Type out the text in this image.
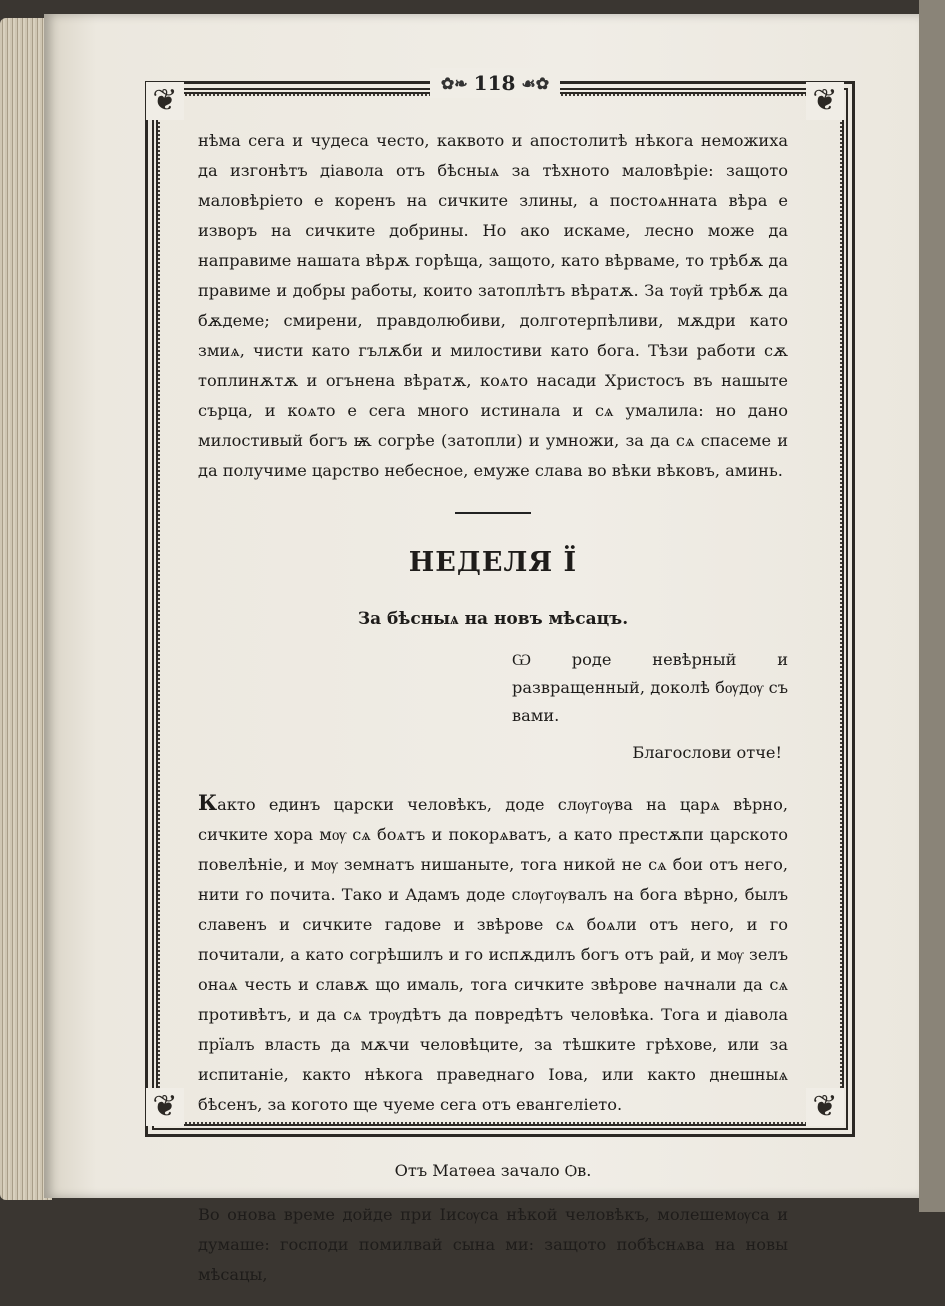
❦	❦
❦	❦
✿❧ 118 ☙✿

нѣма сега и чудеса често, каквото и апостолитѣ нѣкога неможиха да изгонѣтъ діавола отъ бѣсныѧ за тѣхното маловѣріе: защото маловѣріето е коренъ на сичките злины, а постоѧнната вѣра е изворъ на сичките добрины. Но ако искаме, лесно може да направиме нашата вѣрѫ горѣща, защото, като вѣрваме, то трѣбѫ да правиме и добры работы, които затоплѣтъ вѣратѫ. За тѹй трѣбѫ да бѫдеме; смирени, правдолюбиви, долготерпѣливи, мѫдри като змиѧ, чисти като гълѫби и милостиви като бога. Тѣзи работи сѫ топлинѫтѫ и огънена вѣратѫ, коѧто насади Христосъ въ нашыте сърца, и коѧто е сега много истинала и сѧ умалила: но дано милостивый богъ ѭ согрѣе (затопли) и умножи, за да сѧ спасеме и да получиме царство небесное, емуже слава во вѣки вѣковъ, аминь.

НЕДЕЛЯ Ї
За бѣсныѧ на новъ мѣсацъ.
Ѡ роде невѣрный и развращенный, доколѣ бѹдѹ съ вами.
Благослови отче!

Както единъ царски человѣкъ, доде слѹгѹва на царѧ вѣрно, сичките хора мѹ сѧ боѧтъ и покорѧватъ, а като престѫпи царското повелѣніе, и мѹ земнатъ нишаныте, тога никой не сѧ бои отъ него, нити го почита. Тако и Адамъ доде слѹгѹвалъ на бога вѣрно, былъ славенъ и сичките гадове и звѣрове сѧ боѧли отъ него, и го почитали, а като согрѣшилъ и го испѫдилъ богъ отъ рай, и мѹ зелъ онаѧ честь и славѫ що ималь, тога сичките звѣрове начнали да сѧ противѣтъ, и да сѧ трѹдѣтъ да повредѣтъ человѣка. Тога и діавола прїалъ власть да мѫчи человѣците, за тѣшките грѣхове, или за испитаніе, както нѣкога праведнагo Іова, или както днешныѧ бѣсенъ, за когото ще чуеме сега отъ евангеліето.

Отъ Матѳеа зачало Ѻв.

Во онова време дойде при Іисѹса нѣкой человѣкъ, молешемѹса и думаше: господи помилвай сына ми: защото побѣснѧва на новы мѣсацы,
